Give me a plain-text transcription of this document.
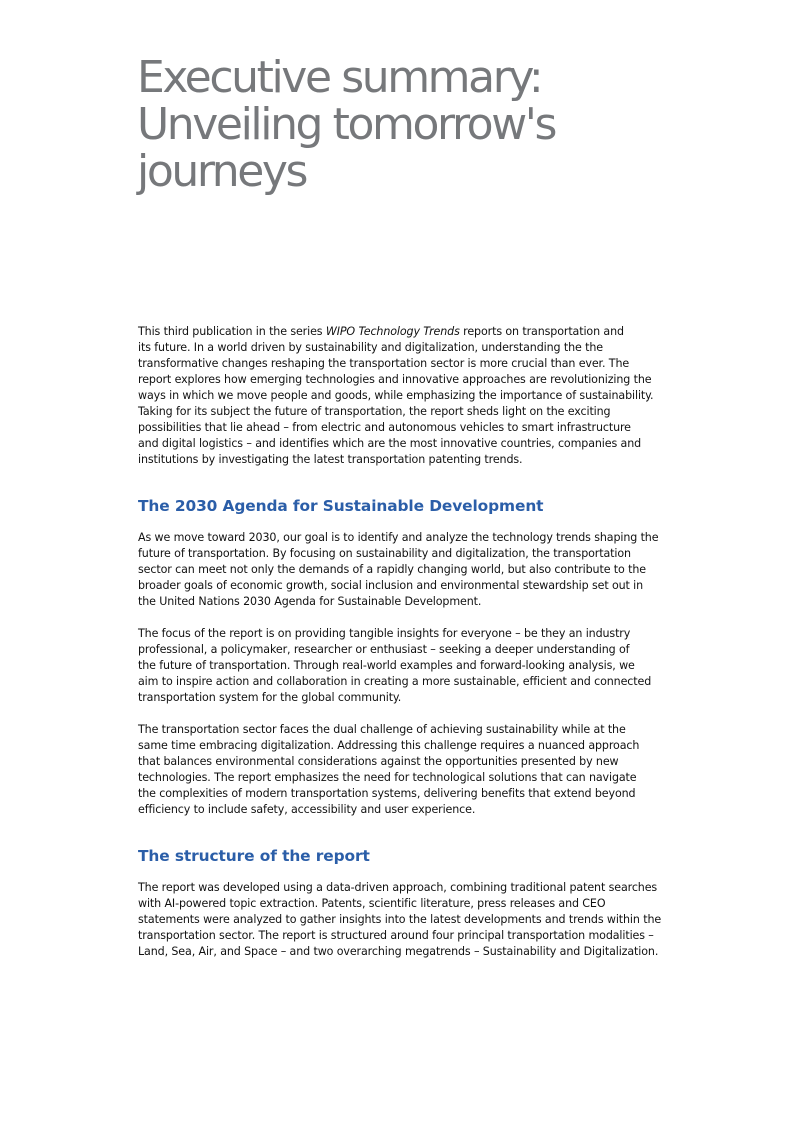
Executive summary:
Unveiling tomorrow's
journeys

This third publication in the series WIPO Technology Trends reports on transportation and
its future. In a world driven by sustainability and digitalization, understanding the the
transformative changes reshaping the transportation sector is more crucial than ever. The
report explores how emerging technologies and innovative approaches are revolutionizing the
ways in which we move people and goods, while emphasizing the importance of sustainability.
Taking for its subject the future of transportation, the report sheds light on the exciting
possibilities that lie ahead – from electric and autonomous vehicles to smart infrastructure
and digital logistics – and identifies which are the most innovative countries, companies and
institutions by investigating the latest transportation patenting trends.

The 2030 Agenda for Sustainable Development

As we move toward 2030, our goal is to identify and analyze the technology trends shaping the
future of transportation. By focusing on sustainability and digitalization, the transportation
sector can meet not only the demands of a rapidly changing world, but also contribute to the
broader goals of economic growth, social inclusion and environmental stewardship set out in
the United Nations 2030 Agenda for Sustainable Development.

The focus of the report is on providing tangible insights for everyone – be they an industry
professional, a policymaker, researcher or enthusiast – seeking a deeper understanding of
the future of transportation. Through real-world examples and forward-looking analysis, we
aim to inspire action and collaboration in creating a more sustainable, efficient and connected
transportation system for the global community.

The transportation sector faces the dual challenge of achieving sustainability while at the
same time embracing digitalization. Addressing this challenge requires a nuanced approach
that balances environmental considerations against the opportunities presented by new
technologies. The report emphasizes the need for technological solutions that can navigate
the complexities of modern transportation systems, delivering benefits that extend beyond
efficiency to include safety, accessibility and user experience.

The structure of the report

The report was developed using a data-driven approach, combining traditional patent searches
with AI-powered topic extraction. Patents, scientific literature, press releases and CEO
statements were analyzed to gather insights into the latest developments and trends within the
transportation sector. The report is structured around four principal transportation modalities –
Land, Sea, Air, and Space – and two overarching megatrends – Sustainability and Digitalization.
